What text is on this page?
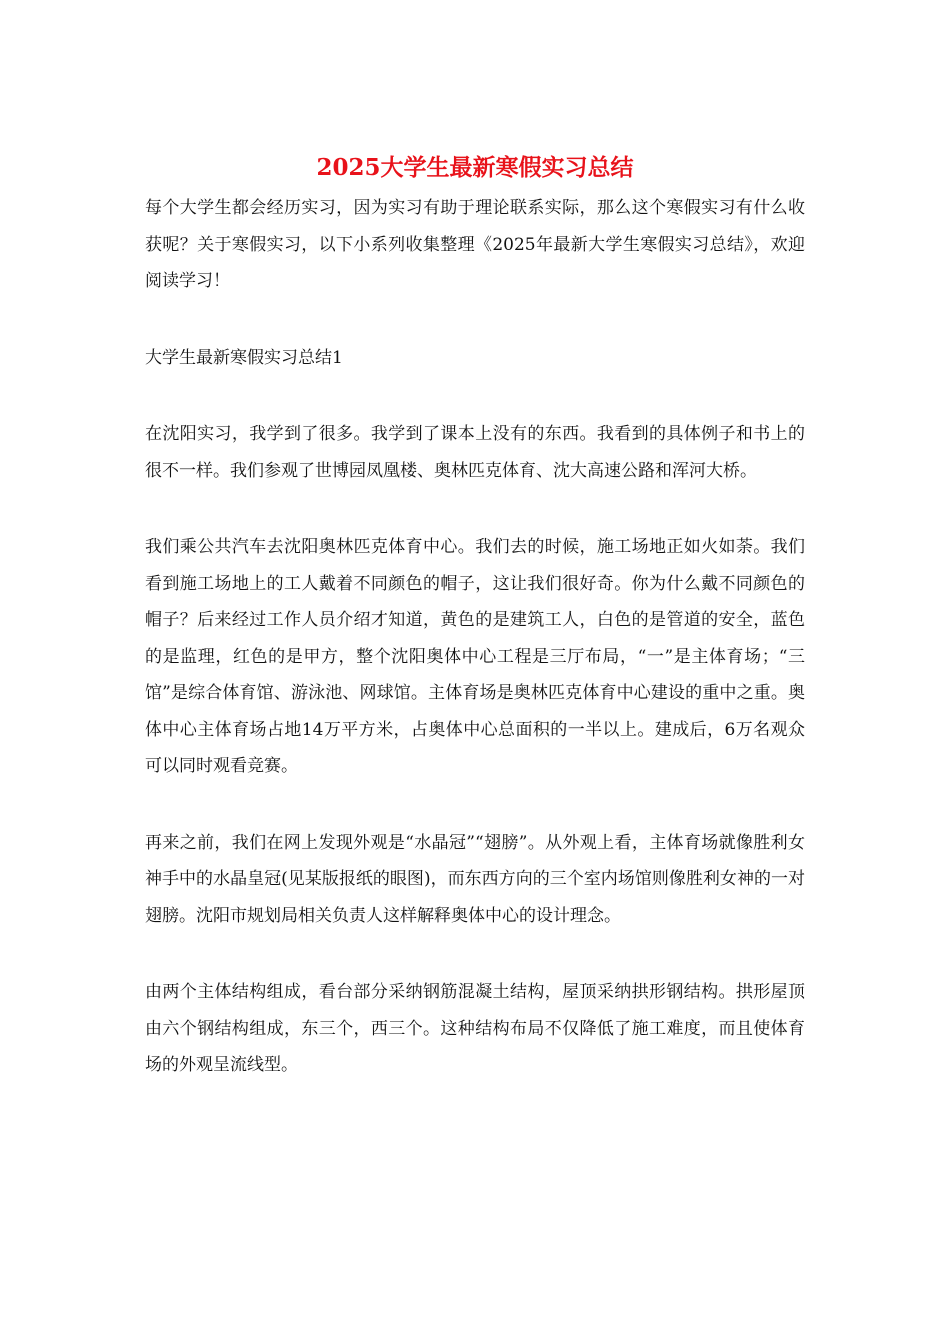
2025大学生最新寒假实习总结

每个大学生都会经历实习，因为实习有助于理论联系实际，那么这个寒假实习有什么收获呢？关于寒假实习，以下小系列收集整理《2025年最新大学生寒假实习总结》，欢迎阅读学习！

大学生最新寒假实习总结1

在沈阳实习，我学到了很多。我学到了课本上没有的东西。我看到的具体例子和书上的很不一样。我们参观了世博园凤凰楼、奥林匹克体育、沈大高速公路和浑河大桥。

我们乘公共汽车去沈阳奥林匹克体育中心。我们去的时候，施工场地正如火如荼。我们看到施工场地上的工人戴着不同颜色的帽子，这让我们很好奇。你为什么戴不同颜色的帽子？后来经过工作人员介绍才知道，黄色的是建筑工人，白色的是管道的安全，蓝色的是监理，红色的是甲方，整个沈阳奥体中心工程是三厅布局，“一”是主体育场；“三馆”是综合体育馆、游泳池、网球馆。主体育场是奥林匹克体育中心建设的重中之重。奥体中心主体育场占地14万平方米，占奥体中心总面积的一半以上。建成后，6万名观众可以同时观看竞赛。

再来之前，我们在网上发现外观是“水晶冠”“翅膀”。从外观上看，主体育场就像胜利女神手中的水晶皇冠(见某版报纸的眼图)，而东西方向的三个室内场馆则像胜利女神的一对翅膀。沈阳市规划局相关负责人这样解释奥体中心的设计理念。

由两个主体结构组成，看台部分采纳钢筋混凝土结构，屋顶采纳拱形钢结构。拱形屋顶由六个钢结构组成，东三个，西三个。这种结构布局不仅降低了施工难度，而且使体育场的外观呈流线型。
